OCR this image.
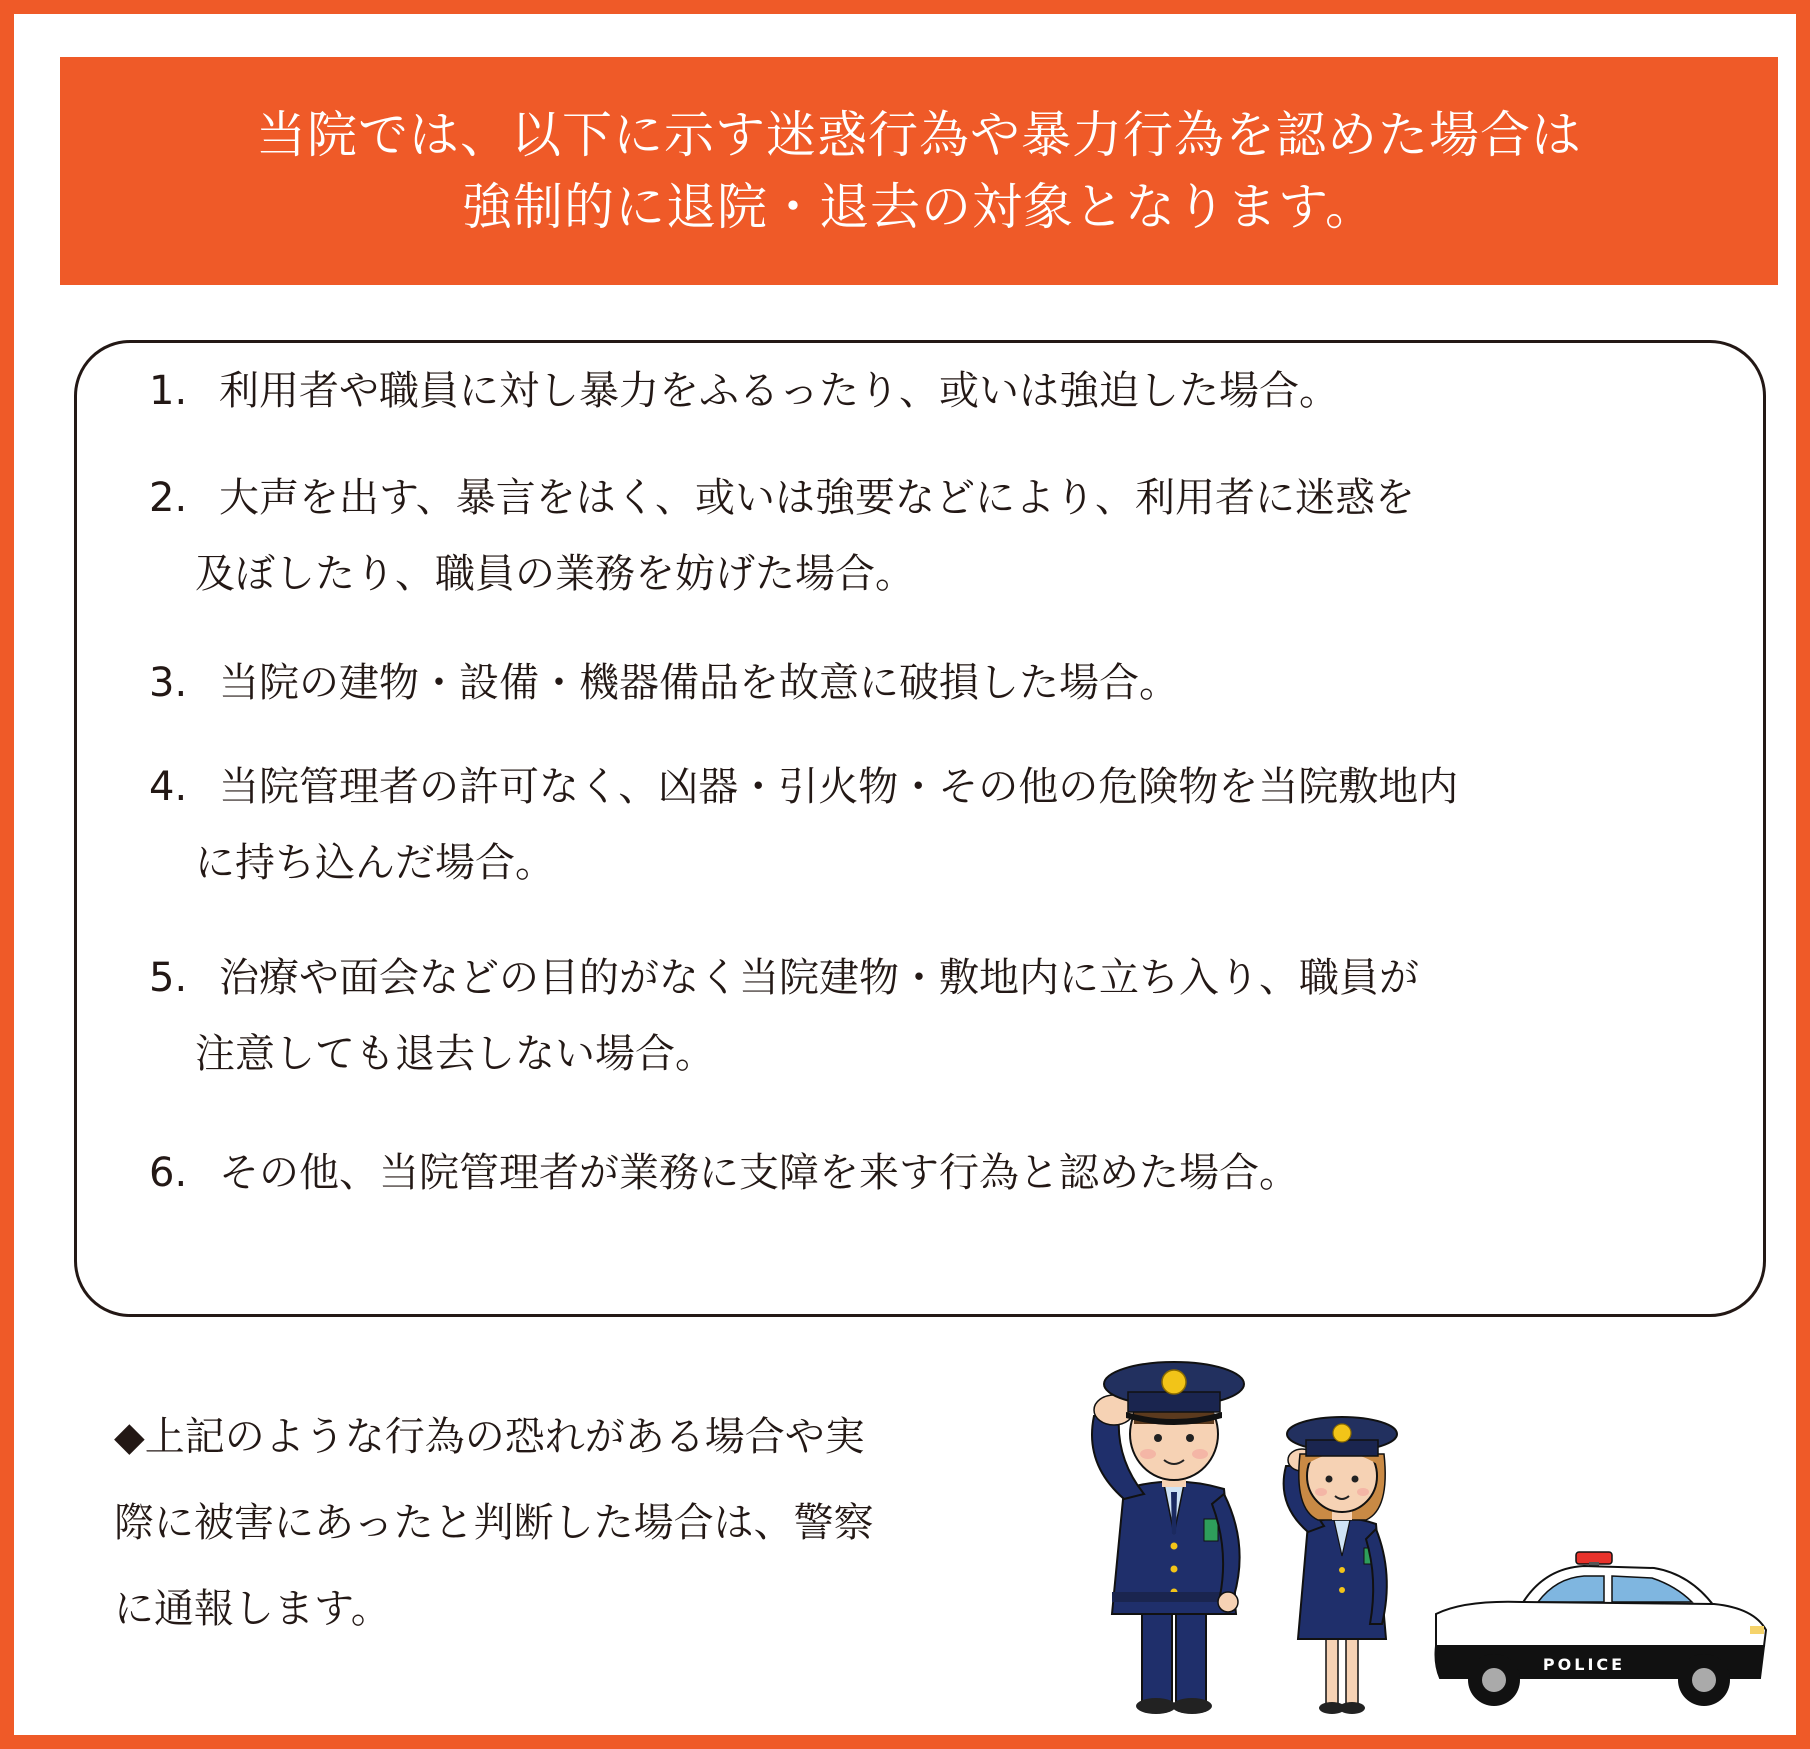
当院では、以下に示す迷惑行為や暴力行為を認めた場合は
強制的に退院・退去の対象となります。
1. 利用者や職員に対し暴力をふるったり、或いは強迫した場合。
2. 大声を出す、暴言をはく、或いは強要などにより、利用者に迷惑を
及ぼしたり、職員の業務を妨げた場合。
3. 当院の建物・設備・機器備品を故意に破損した場合。
4. 当院管理者の許可なく、凶器・引火物・その他の危険物を当院敷地内
に持ち込んだ場合。
5. 治療や面会などの目的がなく当院建物・敷地内に立ち入り、職員が
注意しても退去しない場合。
6. その他、当院管理者が業務に支障を来す行為と認めた場合。
◆上記のような行為の恐れがある場合や実
際に被害にあったと判断した場合は、警察
に通報します。
POLICE
